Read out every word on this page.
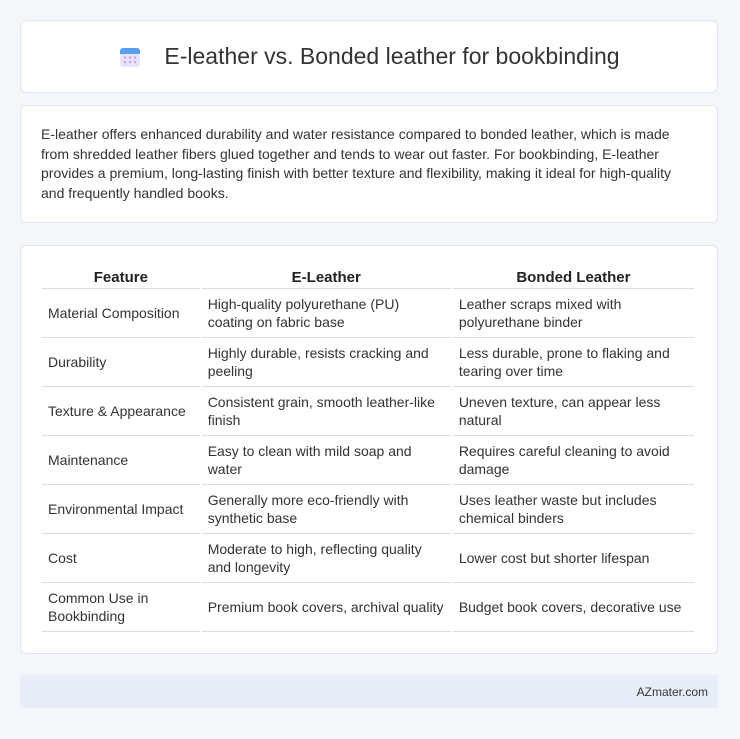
E-leather vs. Bonded leather for bookbinding

E-leather offers enhanced durability and water resistance compared to bonded leather, which is made from shredded leather fibers glued together and tends to wear out faster. For bookbinding, E-leather provides a premium, long-lasting finish with better texture and flexibility, making it ideal for high-quality and frequently handled books.

Feature	E-Leather	Bonded Leather
Material Composition	High-quality polyurethane (PU) coating on fabric base	Leather scraps mixed with polyurethane binder
Durability	Highly durable, resists cracking and peeling	Less durable, prone to flaking and tearing over time
Texture & Appearance	Consistent grain, smooth leather-like finish	Uneven texture, can appear less natural
Maintenance	Easy to clean with mild soap and water	Requires careful cleaning to avoid damage
Environmental Impact	Generally more eco-friendly with synthetic base	Uses leather waste but includes chemical binders
Cost	Moderate to high, reflecting quality and longevity	Lower cost but shorter lifespan
Common Use in Bookbinding	Premium book covers, archival quality	Budget book covers, decorative use
AZmater.com
